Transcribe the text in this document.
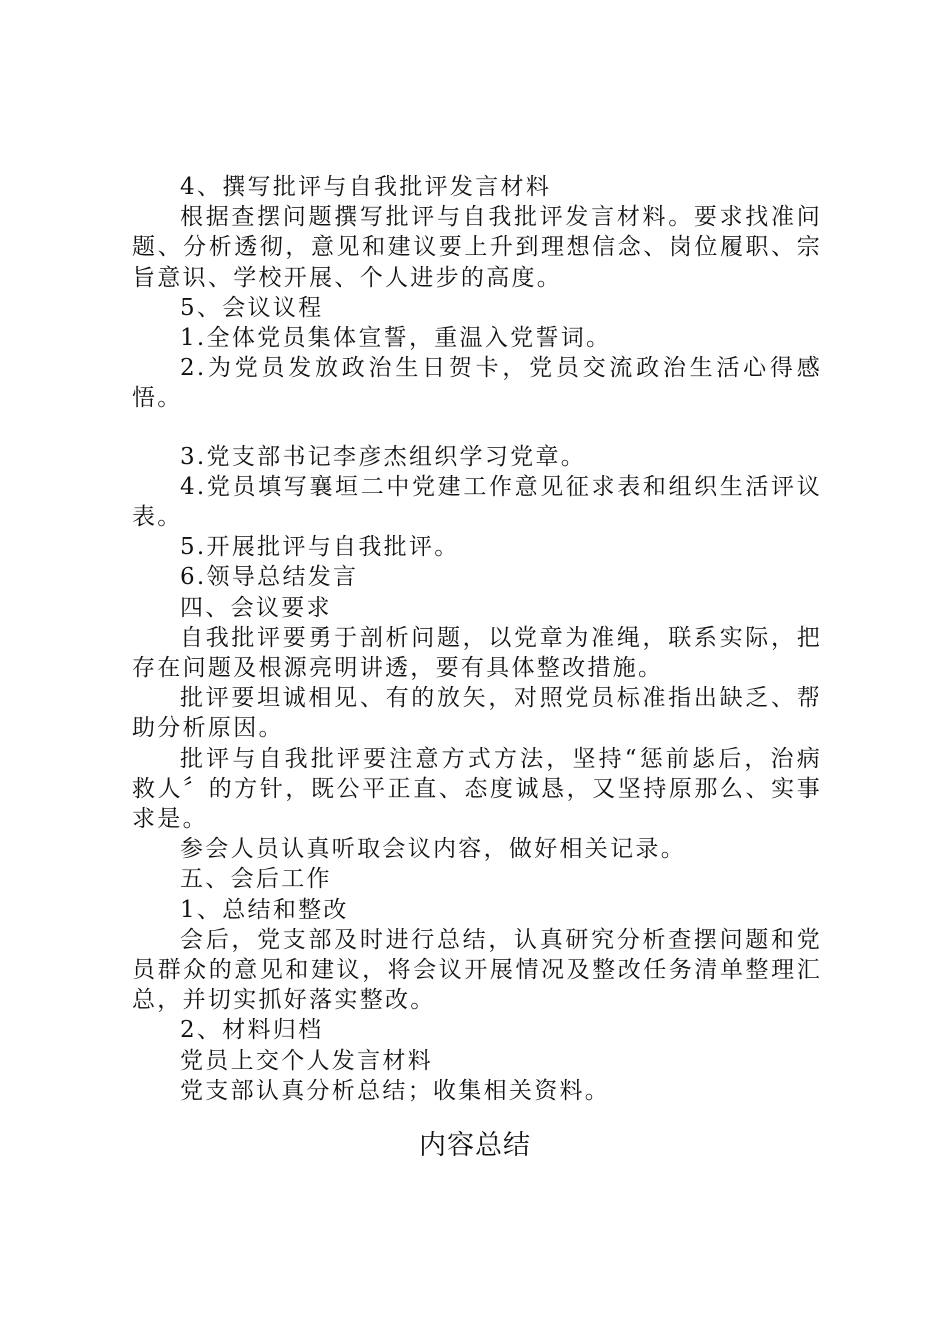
4、撰写批评与自我批评发言材料

根据查摆问题撰写批评与自我批评发言材料。要求找准问题、分析透彻，意见和建议要上升到理想信念、岗位履职、宗旨意识、学校开展、个人进步的高度。

5、会议议程

1.全体党员集体宣誓，重温入党誓词。

2.为党员发放政治生日贺卡，党员交流政治生活心得感悟。

3.党支部书记李彦杰组织学习党章。

4.党员填写襄垣二中党建工作意见征求表和组织生活评议表。

5.开展批评与自我批评。

6.领导总结发言

四、会议要求

自我批评要勇于剖析问题，以党章为准绳，联系实际，把存在问题及根源亮明讲透，要有具体整改措施。

批评要坦诚相见、有的放矢，对照党员标准指出缺乏、帮助分析原因。

批评与自我批评要注意方式方法，坚持“惩前毖后，治病救人〞的方针，既公平正直、态度诚恳，又坚持原那么、实事求是。

参会人员认真听取会议内容，做好相关记录。

五、会后工作

1、总结和整改

会后，党支部及时进行总结，认真研究分析查摆问题和党员群众的意见和建议，将会议开展情况及整改任务清单整理汇总，并切实抓好落实整改。

2、材料归档

党员上交个人发言材料

党支部认真分析总结；收集相关资料。

内容总结
